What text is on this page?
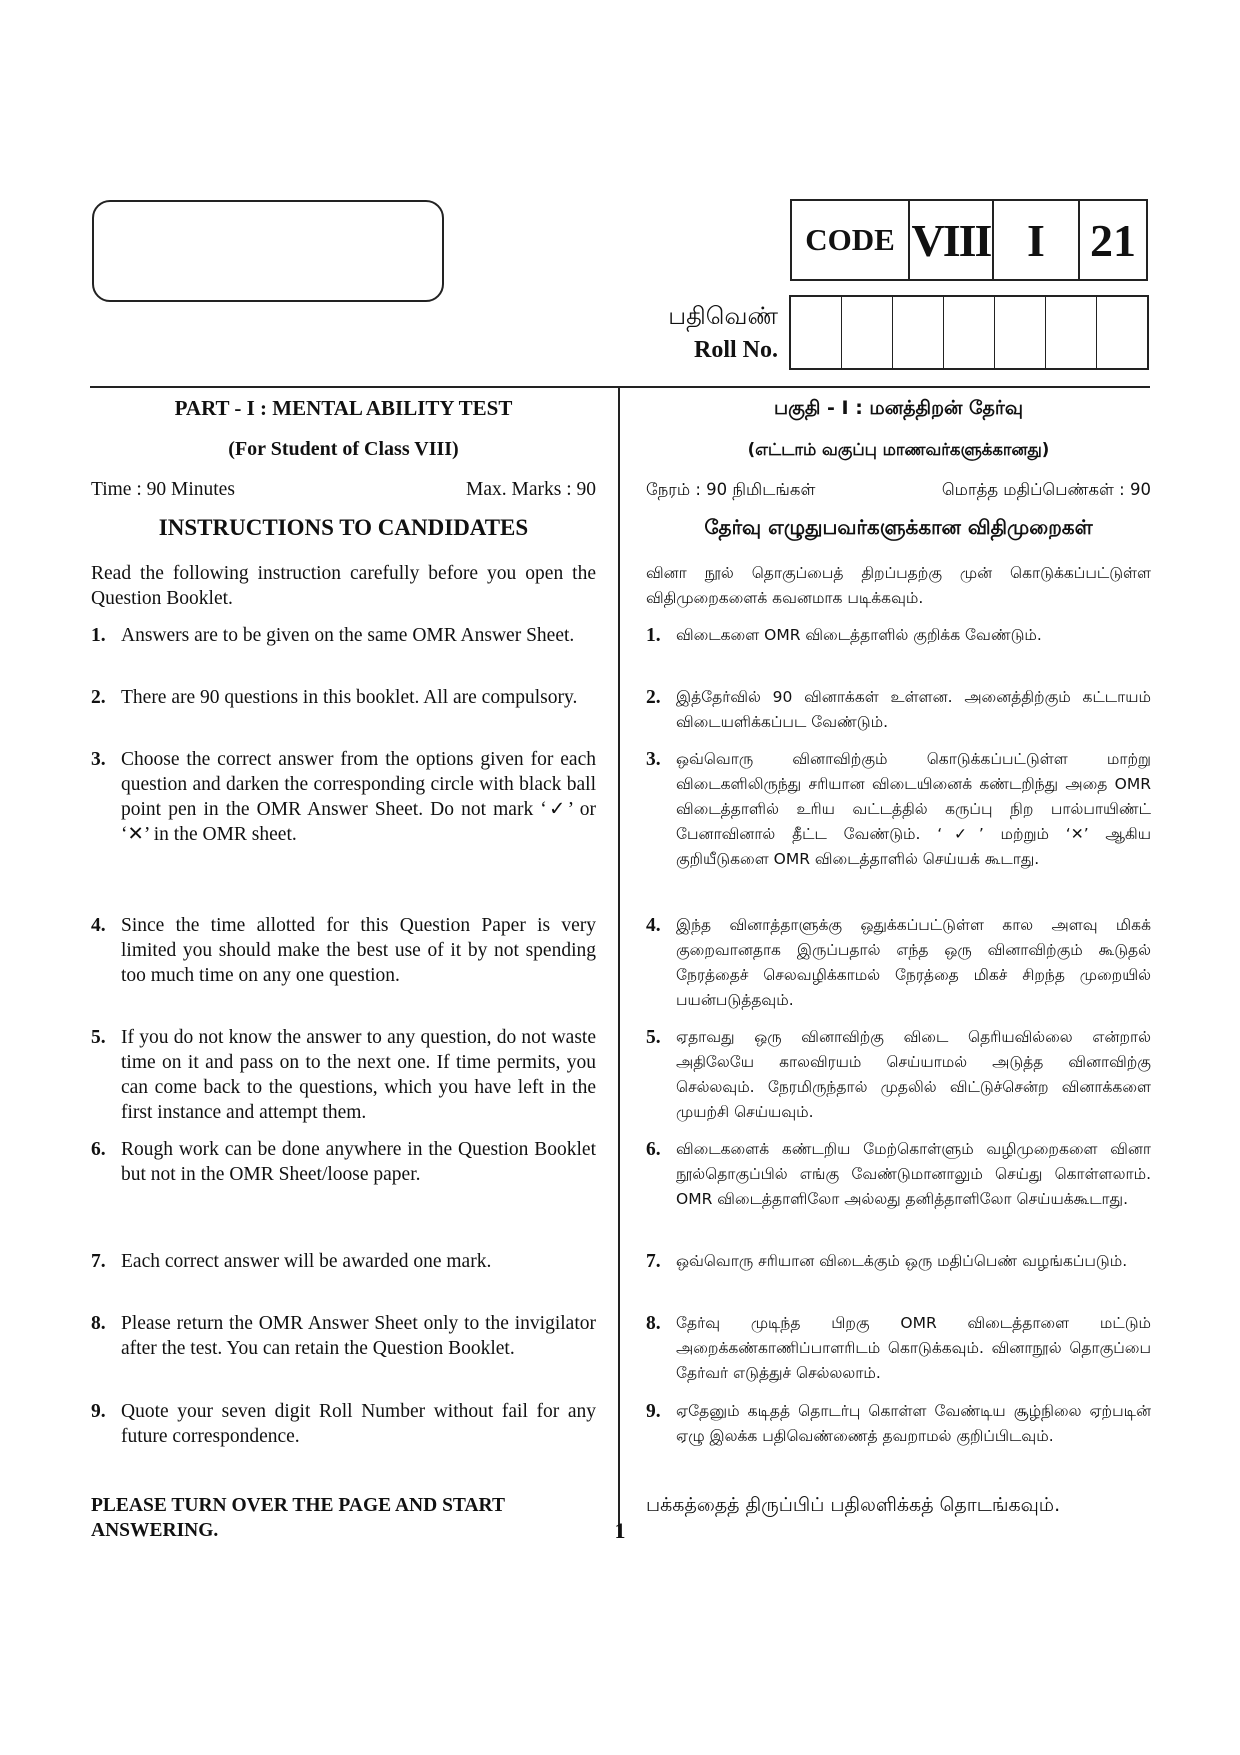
CODE VIII I 21
பதிவெண்
Roll No.
PART - I : MENTAL ABILITY TEST
(For Student of Class VIII)
Time : 90 Minutes	Max. Marks : 90
INSTRUCTIONS TO CANDIDATES
Read the following instruction carefully before you open the Question Booklet.
1. Answers are to be given on the same OMR Answer Sheet.
2. There are 90 questions in this booklet. All are compulsory.
3. Choose the correct answer from the options given for each question and darken the corresponding circle with black ball point pen in the OMR Answer Sheet. Do not mark ‘✓’ or ‘✕’ in the OMR sheet.
4. Since the time allotted for this Question Paper is very limited you should make the best use of it by not spending too much time on any one question.
5. If you do not know the answer to any question, do not waste time on it and pass on to the next one. If time permits, you can come back to the questions, which you have left in the first instance and attempt them.
6. Rough work can be done anywhere in the Question Booklet but not in the OMR Sheet/loose paper.
7. Each correct answer will be awarded one mark.
8. Please return the OMR Answer Sheet only to the invigilator after the test. You can retain the Question Booklet.
9. Quote your seven digit Roll Number without fail for any future correspondence.
PLEASE TURN OVER THE PAGE AND START ANSWERING.
பகுதி - I : மனத்திறன் தேர்வு
(எட்டாம் வகுப்பு மாணவர்களுக்கானது)
நேரம் : 90 நிமிடங்கள்	மொத்த மதிப்பெண்கள் : 90
தேர்வு எழுதுபவர்களுக்கான விதிமுறைகள்
வினா நூல் தொகுப்பைத் திறப்பதற்கு முன் கொடுக்கப்பட்டுள்ள விதிமுறைகளைக் கவனமாக படிக்கவும்.
1. விடைகளை OMR விடைத்தாளில் குறிக்க வேண்டும்.
2. இத்தேர்வில் 90 வினாக்கள் உள்ளன. அனைத்திற்கும் கட்டாயம் விடையளிக்கப்பட வேண்டும்.
3. ஒவ்வொரு வினாவிற்கும் கொடுக்கப்பட்டுள்ள மாற்று விடைகளிலிருந்து சரியான விடையினைக் கண்டறிந்து அதை OMR விடைத்தாளில் உரிய வட்டத்தில் கருப்பு நிற பால்பாயிண்ட் பேனாவினால் தீட்ட வேண்டும். ‘✓’ மற்றும் ‘✕’ ஆகிய குறியீடுகளை OMR விடைத்தாளில் செய்யக் கூடாது.
4. இந்த வினாத்தாளுக்கு ஒதுக்கப்பட்டுள்ள கால அளவு மிகக் குறைவானதாக இருப்பதால் எந்த ஒரு வினாவிற்கும் கூடுதல் நேரத்தைச் செலவழிக்காமல் நேரத்தை மிகச் சிறந்த முறையில் பயன்படுத்தவும்.
5. ஏதாவது ஒரு வினாவிற்கு விடை தெரியவில்லை என்றால் அதிலேயே காலவிரயம் செய்யாமல் அடுத்த வினாவிற்கு செல்லவும். நேரமிருந்தால் முதலில் விட்டுச்சென்ற வினாக்களை முயற்சி செய்யவும்.
6. விடைகளைக் கண்டறிய மேற்கொள்ளும் வழிமுறைகளை வினா நூல்தொகுப்பில் எங்கு வேண்டுமானாலும் செய்து கொள்ளலாம். OMR விடைத்தாளிலோ அல்லது தனித்தாளிலோ செய்யக்கூடாது.
7. ஒவ்வொரு சரியான விடைக்கும் ஒரு மதிப்பெண் வழங்கப்படும்.
8. தேர்வு முடிந்த பிறகு OMR விடைத்தாளை மட்டும் அறைக்கண்காணிப்பாளரிடம் கொடுக்கவும். வினாநூல் தொகுப்பை தேர்வர் எடுத்துச் செல்லலாம்.
9. ஏதேனும் கடிதத் தொடர்பு கொள்ள வேண்டிய சூழ்நிலை ஏற்படின் ஏழு இலக்க பதிவெண்ணைத் தவறாமல் குறிப்பிடவும்.
பக்கத்தைத் திருப்பிப் பதிலளிக்கத் தொடங்கவும்.
1
